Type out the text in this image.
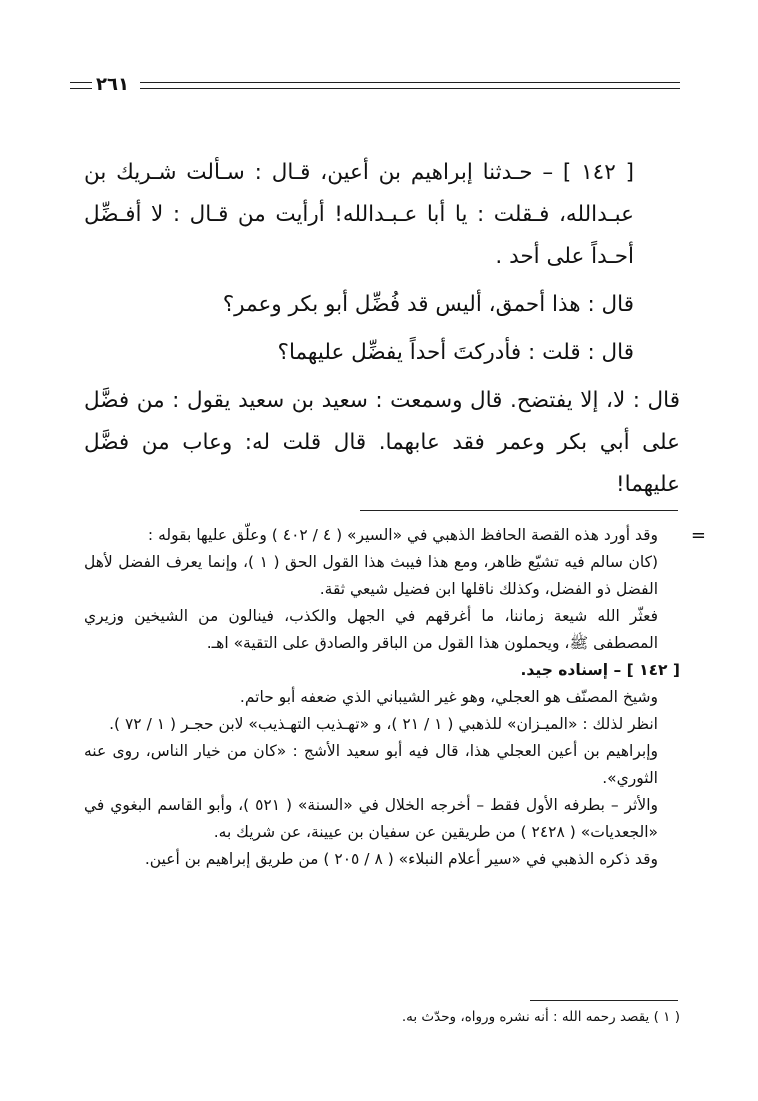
٢٦١

[ ١٤٢ ] – حـدثنا إبراهيم بن أعين، قـال : سـألت شـريك بن عبـدالله، فـقلت : يا أبا عـبـدالله! أرأيت من قـال : لا أفـضِّل أحـداً على أحد .

قال : هذا أحمق، أليس قد فُضِّل أبو بكر وعمر؟

قال : قلت : فأدركتَ أحداً يفضِّل عليهما؟

قال : لا، إلا يفتضح. قال وسمعت : سعيد بن سعيد يقول : من فضَّل على أبي بكر وعمر فقد عابهما. قال قلت له: وعاب من فضَّل عليهما!

=

وقد أورد هذه القصة الحافظ الذهبي في «السير» ( ٤ / ٤٠٢ ) وعلّق عليها بقوله :

(كان سالم فيه تشيّع ظاهر، ومع هذا فيبث هذا القول الحق ( ١ )، وإنما يعرف الفضل لأهل الفضل ذو الفضل، وكذلك ناقلها ابن فضيل شيعي ثقة.

فعثّر الله شيعة زماننا، ما أغرقهم في الجهل والكذب، فينالون من الشيخين وزيري المصطفى ﷺ، ويحملون هذا القول من الباقر والصادق على التقية» اهـ.

[ ١٤٢ ] – إسناده جيد.

وشيخ المصنّف هو العجلي، وهو غير الشيباني الذي ضعفه أبو حاتم.

انظر لذلك : «الميـزان» للذهبي ( ١ / ٢١ )، و «تهـذيب التهـذيب» لابن حجـر ( ١ / ٧٢ ).

وإبراهيم بن أعين العجلي هذا، قال فيه أبو سعيد الأشج : «كان من خيار الناس، روى عنه الثوري».

والأثر – بطرفه الأول فقط – أخرجه الخلال في «السنة» ( ٥٢١ )، وأبو القاسم البغوي في «الجعديات» ( ٢٤٢٨ ) من طريقين عن سفيان بن عيينة، عن شريك به.

وقد ذكره الذهبي في «سير أعلام النبلاء» ( ٨ / ٢٠٥ ) من طريق إبراهيم بن أعين.

( ١ ) يقصد رحمه الله : أنه نشره ورواه، وحدّث به.
